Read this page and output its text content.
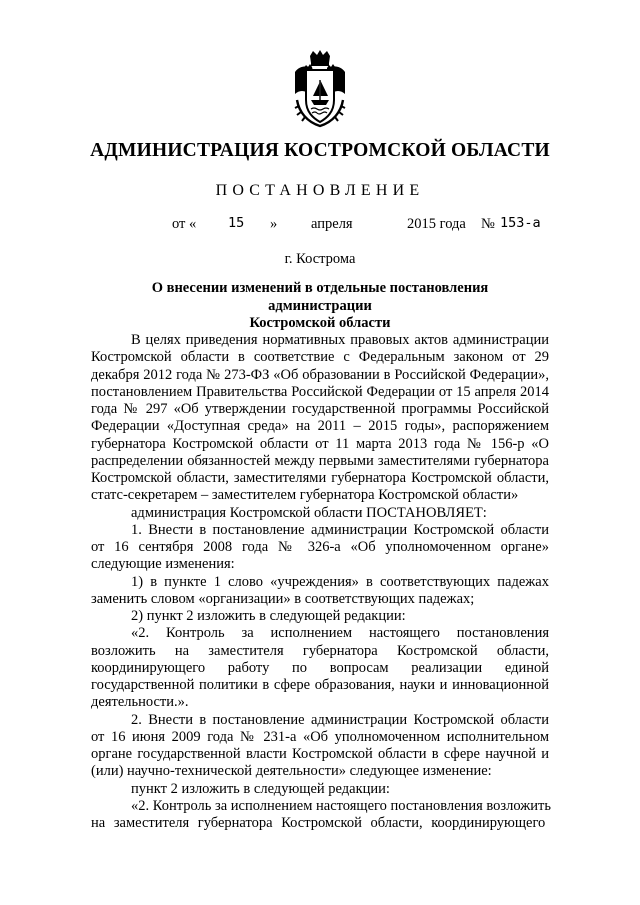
АДМИНИСТРАЦИЯ КОСТРОМСКОЙ ОБЛАСТИ
ПОСТАНОВЛЕНИЕ
от « 15 » апреля	2015 года № 153-а
г. Кострома
О внесении изменений в отдельные постановления администрации
Костромской области

В целях приведения нормативных правовых актов администрации Костромской области в соответствие с Федеральным законом от 29 декабря 2012 года № 273-ФЗ «Об образовании в Российской Федерации», постановлением Правительства Российской Федерации от 15 апреля 2014 года № 297 «Об утверждении государственной программы Российской Федерации «Доступная среда» на 2011 – 2015 годы», распоряжением губернатора Костромской области от 11 марта 2013 года № 156-р «О распределении обязанностей между первыми заместителями губернатора Костромской области, заместителями губернатора Костромской области, статс-секретарем – заместителем губернатора Костромской области»

администрация Костромской области ПОСТАНОВЛЯЕТ:

1. Внести в постановление администрации Костромской области от 16 сентября 2008 года № 326-а «Об уполномоченном органе» следующие изменения:

1) в пункте 1 слово «учреждения» в соответствующих падежах заменить словом «организации» в соответствующих падежах;

2) пункт 2 изложить в следующей редакции:

«2. Контроль за исполнением настоящего постановления возложить на заместителя губернатора Костромской области, координирующего работу по вопросам реализации единой государственной политики в сфере образования, науки и инновационной деятельности.».

2. Внести в постановление администрации Костромской области от 16 июня 2009 года № 231-а «Об уполномоченном исполнительном органе государственной власти Костромской области в сфере научной и (или) научно-технической деятельности» следующее изменение:

пункт 2 изложить в следующей редакции:

«2. Контроль за исполнением настоящего постановления возложить

на заместителя губернатора Костромской области, координирующего
